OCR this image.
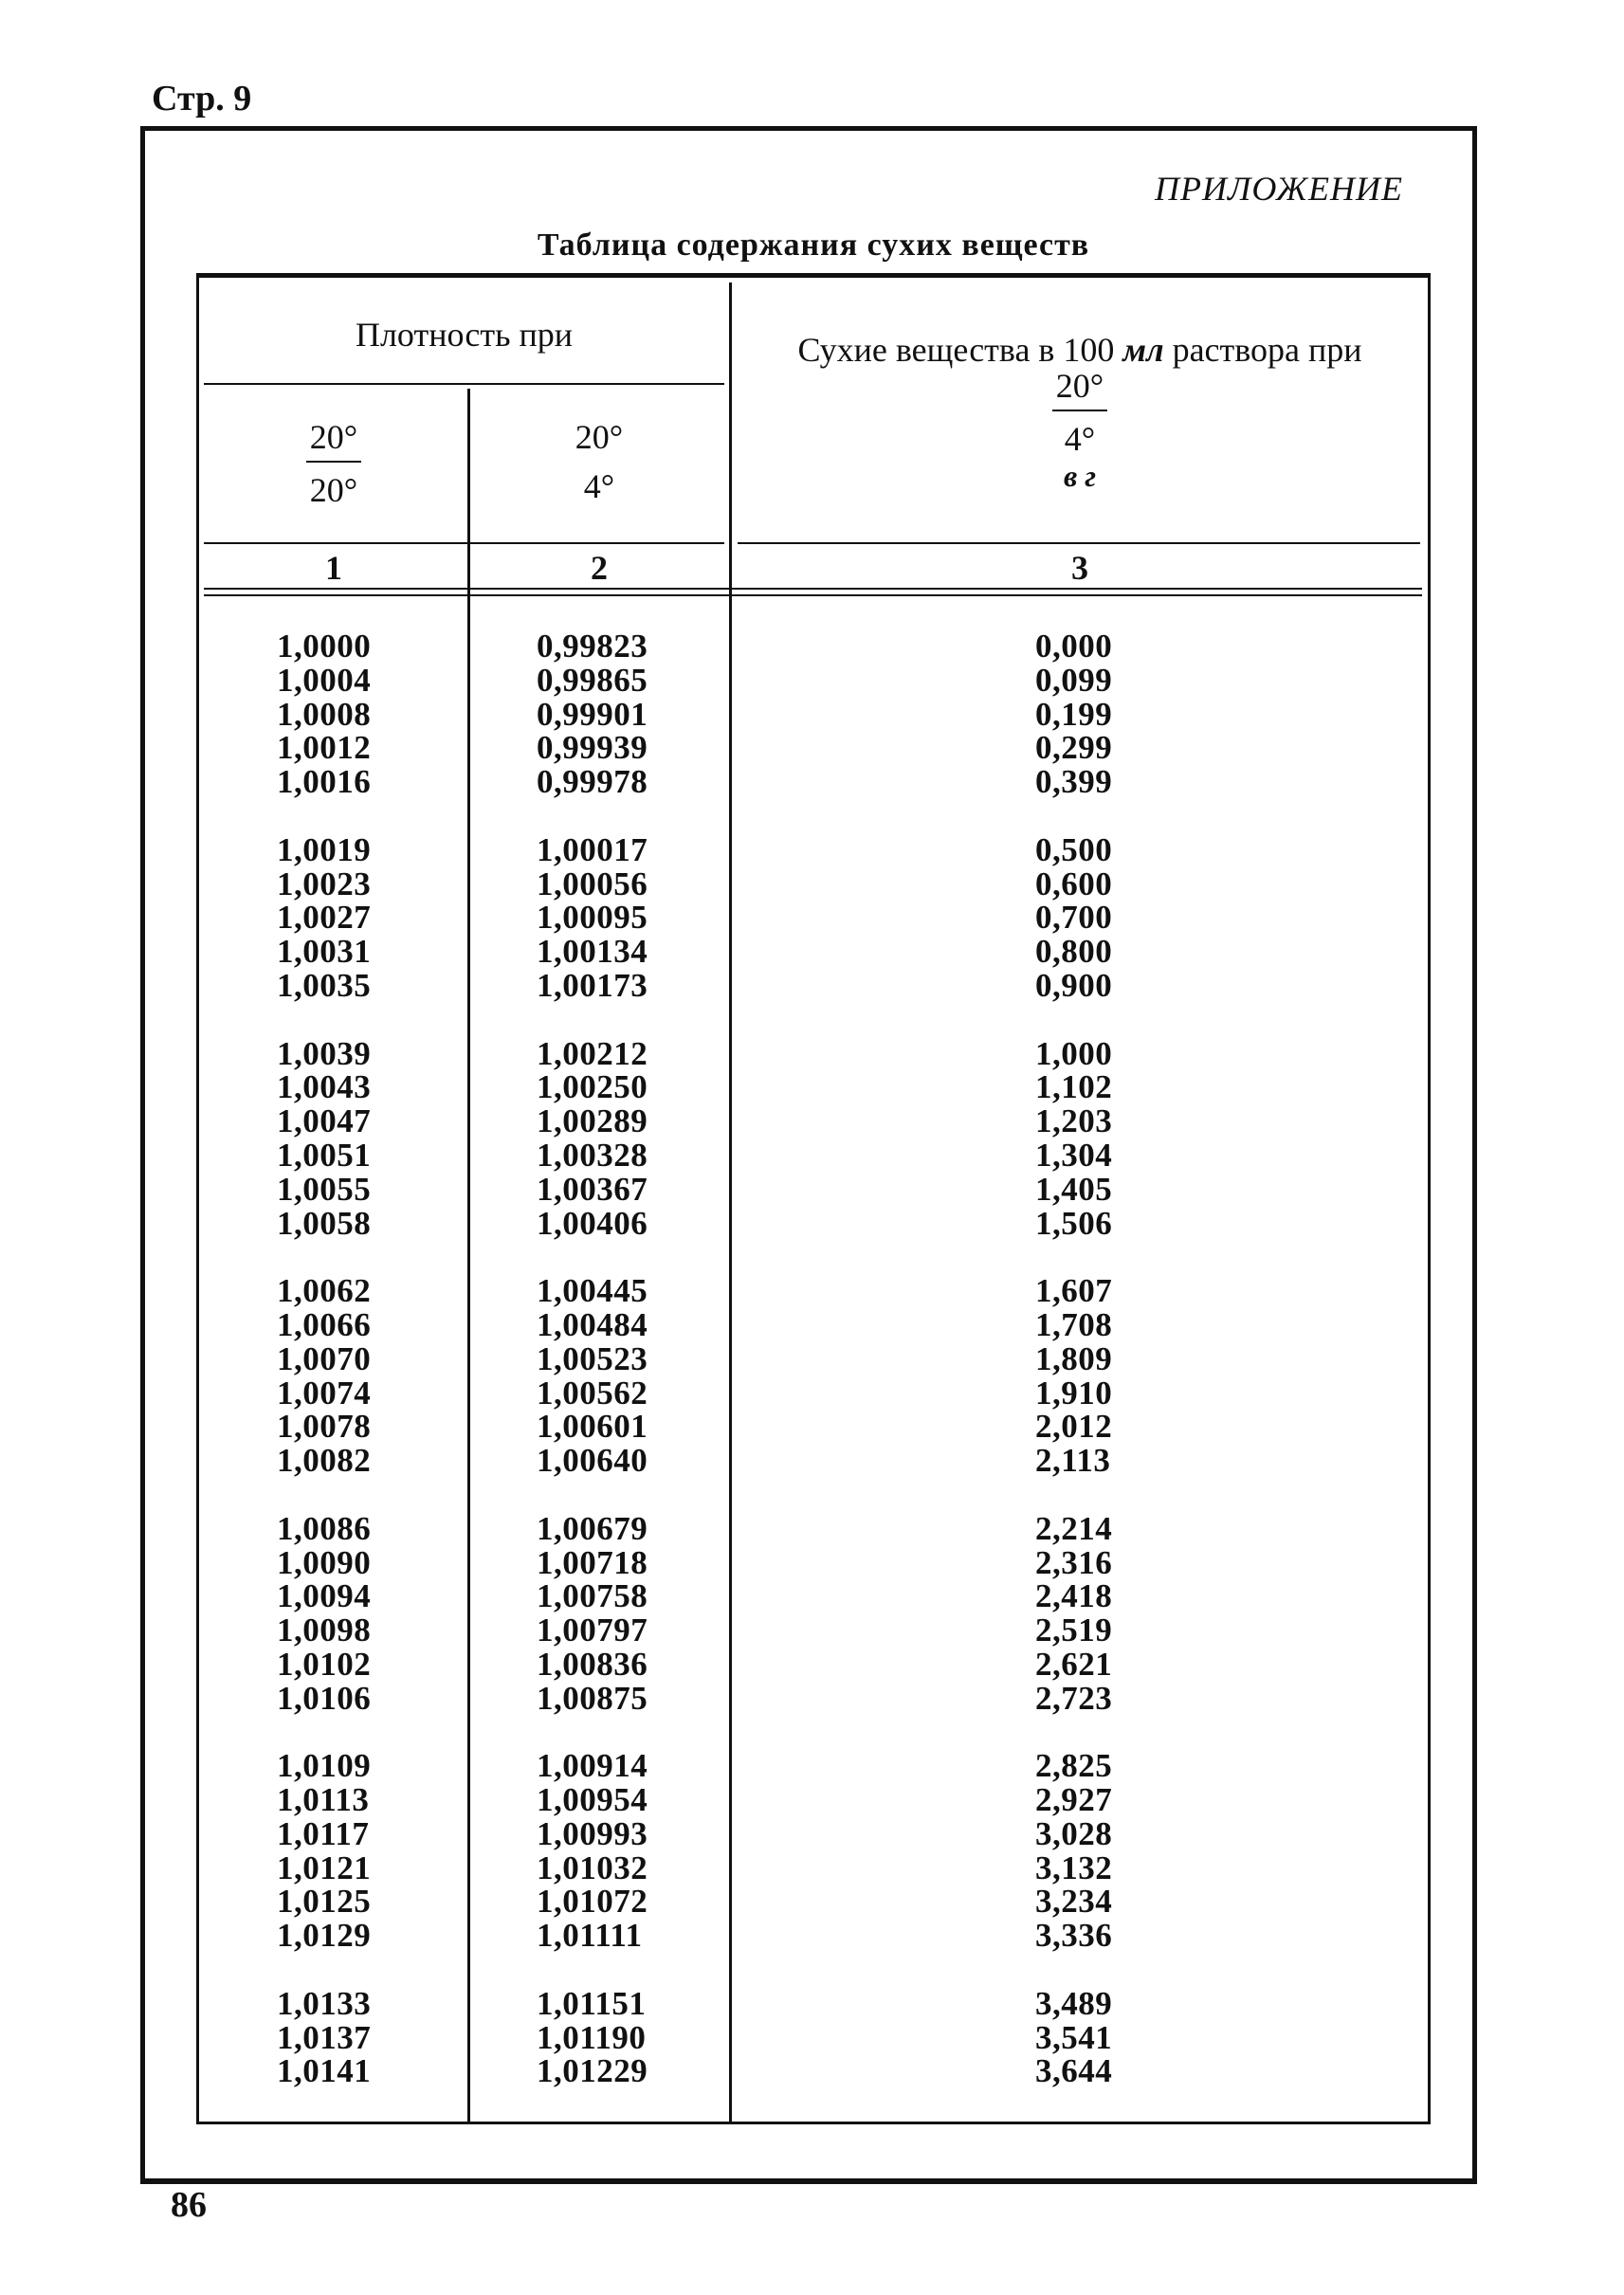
Стр. 9
ПРИЛОЖЕНИЕ
Таблица содержания сухих веществ
Плотность при
20°
20°
20°
4°
Сухие вещества в 100 мл раствора при
20°
4°
в г
1	2	3
1,0000
1,0004
1,0008
1,0012
1,0016
1,0019
1,0023
1,0027
1,0031
1,0035
1,0039
1,0043
1,0047
1,0051
1,0055
1,0058
1,0062
1,0066
1,0070
1,0074
1,0078
1,0082
1,0086
1,0090
1,0094
1,0098
1,0102
1,0106
1,0109
1,0113
1,0117
1,0121
1,0125
1,0129
1,0133
1,0137
1,0141
0,99823
0,99865
0,99901
0,99939
0,99978
1,00017
1,00056
1,00095
1,00134
1,00173
1,00212
1,00250
1,00289
1,00328
1,00367
1,00406
1,00445
1,00484
1,00523
1,00562
1,00601
1,00640
1,00679
1,00718
1,00758
1,00797
1,00836
1,00875
1,00914
1,00954
1,00993
1,01032
1,01072
1,01111
1,01151
1,01190
1,01229
0,000
0,099
0,199
0,299
0,399
0,500
0,600
0,700
0,800
0,900
1,000
1,102
1,203
1,304
1,405
1,506
1,607
1,708
1,809
1,910
2,012
2,113
2,214
2,316
2,418
2,519
2,621
2,723
2,825
2,927
3,028
3,132
3,234
3,336
3,489
3,541
3,644
86
